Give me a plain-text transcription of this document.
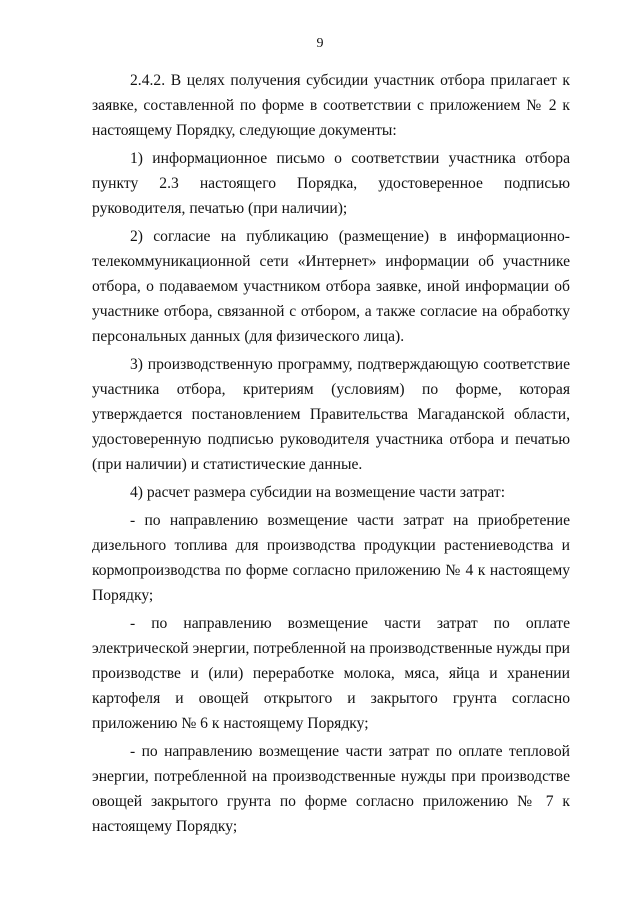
9

2.4.2. В целях получения субсидии участник отбора прилагает к заявке, составленной по форме в соответствии с приложением № 2 к настоящему Порядку, следующие документы:

1) информационное письмо о соответствии участника отбора пункту 2.3 настоящего Порядка, удостоверенное подписью руководителя, печатью (при наличии);

2) согласие на публикацию (размещение) в информационно-телекоммуникационной сети «Интернет» информации об участнике отбора, о подаваемом участником отбора заявке, иной информации об участнике отбора, связанной с отбором, а также согласие на обработку персональных данных (для физического лица).

3) производственную программу, подтверждающую соответствие участника отбора, критериям (условиям) по форме, которая утверждается постановлением Правительства Магаданской области, удостоверенную подписью руководителя участника отбора и печатью (при наличии) и статистические данные.

4) расчет размера субсидии на возмещение части затрат:

- по направлению возмещение части затрат на приобретение дизельного топлива для производства продукции растениеводства и кормопроизводства по форме согласно приложению № 4 к настоящему Порядку;

- по направлению возмещение части затрат по оплате электрической энергии, потребленной на производственные нужды при производстве и (или) переработке молока, мяса, яйца и хранении картофеля и овощей открытого и закрытого грунта согласно приложению № 6 к настоящему Порядку;

- по направлению возмещение части затрат по оплате тепловой энергии, потребленной на производственные нужды при производстве овощей закрытого грунта по форме согласно приложению № 7 к настоящему Порядку;
